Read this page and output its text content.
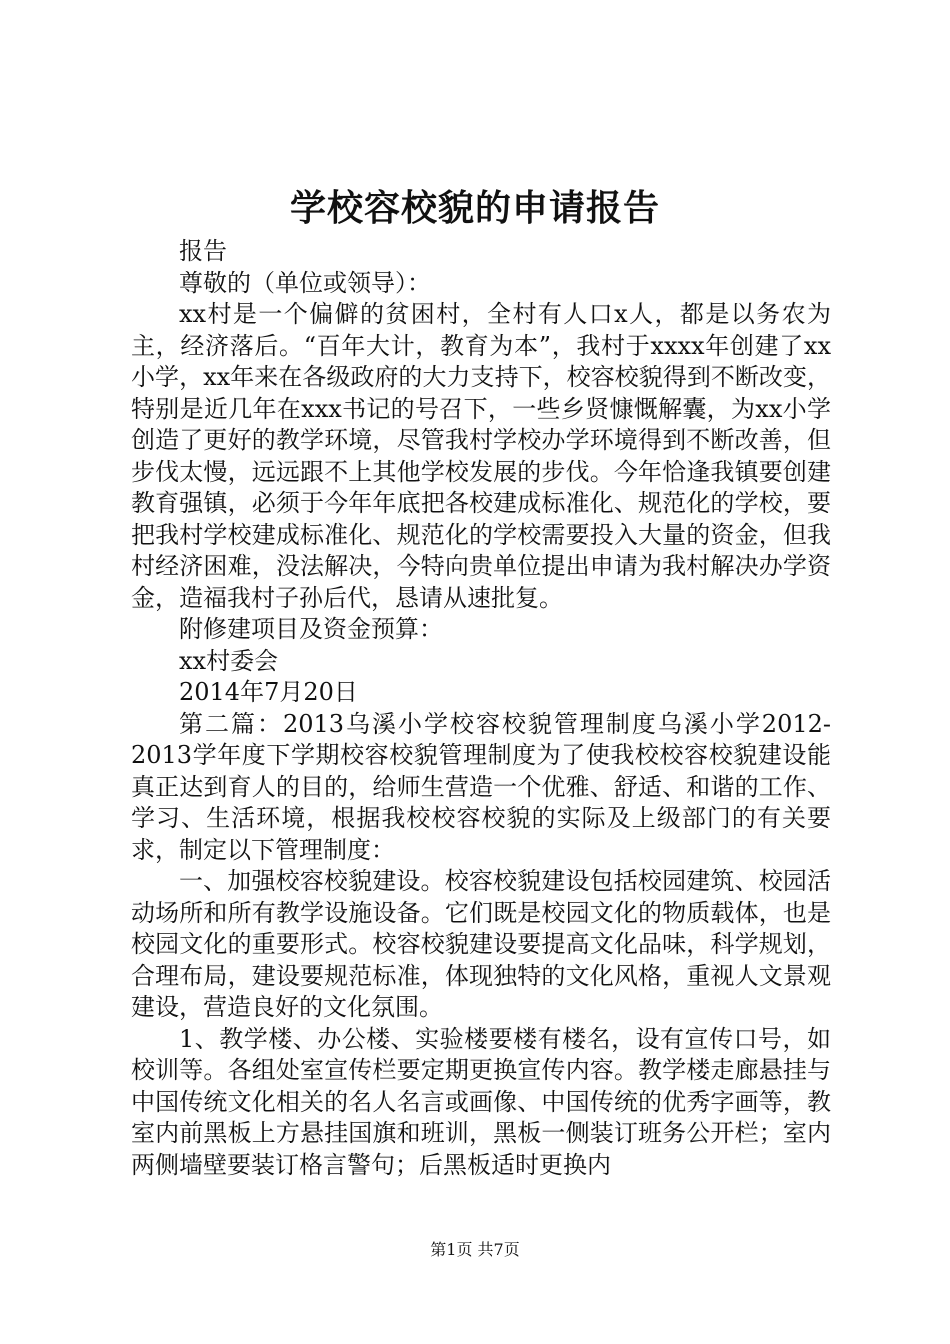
学校容校貌的申请报告

报告

尊敬的（单位或领导）：

xx村是一个偏僻的贫困村，全村有人口x人，都是以务农为主，经济落后。“百年大计，教育为本”，我村于xxxx年创建了xx小学，xx年来在各级政府的大力支持下，校容校貌得到不断改变，特别是近几年在xxx书记的号召下，一些乡贤慷慨解囊，为xx小学创造了更好的教学环境，尽管我村学校办学环境得到不断改善，但步伐太慢，远远跟不上其他学校发展的步伐。今年恰逢我镇要创建教育强镇，必须于今年年底把各校建成标准化、规范化的学校，要把我村学校建成标准化、规范化的学校需要投入大量的资金，但我村经济困难，没法解决，今特向贵单位提出申请为我村解决办学资金，造福我村子孙后代，恳请从速批复。

附修建项目及资金预算：

xx村委会

2014年7月20日

第二篇：2013乌溪小学校容校貌管理制度乌溪小学2012-2013学年度下学期校容校貌管理制度为了使我校校容校貌建设能真正达到育人的目的，给师生营造一个优雅、舒适、和谐的工作、学习、生活环境，根据我校校容校貌的实际及上级部门的有关要求，制定以下管理制度：

一、加强校容校貌建设。校容校貌建设包括校园建筑、校园活动场所和所有教学设施设备。它们既是校园文化的物质载体，也是校园文化的重要形式。校容校貌建设要提高文化品味，科学规划，合理布局，建设要规范标准，体现独特的文化风格，重视人文景观建设，营造良好的文化氛围。

1、教学楼、办公楼、实验楼要楼有楼名，设有宣传口号，如校训等。各组处室宣传栏要定期更换宣传内容。教学楼走廊悬挂与中国传统文化相关的名人名言或画像、中国传统的优秀字画等，教室内前黑板上方悬挂国旗和班训，黑板一侧装订班务公开栏；室内两侧墙壁要装订格言警句；后黑板适时更换内

第1页 共7页
